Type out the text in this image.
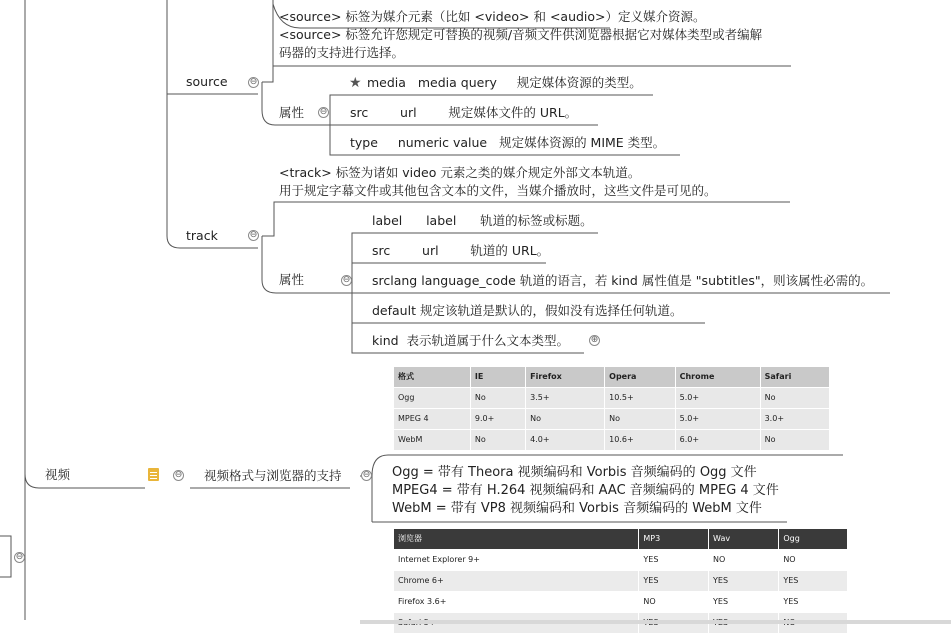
<source> 标签为媒介元素（比如 <video> 和 <audio>）定义媒介资源。
<source> 标签允许您规定可替换的视频/音频文件供浏览器根据它对媒体类型或者编解
码器的支持进行选择。
source ⊖
属性 ⊖
★ media media query 规定媒体资源的类型。
src	url	规定媒体文件的 URL。
type numeric value 规定媒体资源的 MIME 类型。
<track> 标签为诸如 video 元素之类的媒介规定外部文本轨道。
用于规定字幕文件或其他包含文本的文件，当媒介播放时，这些文件是可见的。
track	⊖
属性	⊖
label label 轨道的标签或标题。
src	url	轨道的 URL。
srclang language_code 轨道的语言，若 kind 属性值是 "subtitles"，则该属性必需的。
default 规定该轨道是默认的，假如没有选择任何轨道。
kind 表示轨道属于什么文本类型。 ⊕
格式	IE	Firefox	Opera	Chrome	Safari
Ogg	No	3.5+	10.5+	5.0+	No
MPEG 4	9.0+	No	No	5.0+	3.0+
WebM	No	4.0+	10.6+	6.0+	No
视频	⊖ 视频格式与浏览器的支持 ⊖ Ogg = 带有 Theora 视频编码和 Vorbis 音频编码的 Ogg 文件
MPEG4 = 带有 H.264 视频编码和 AAC 音频编码的 MPEG 4 文件
WebM = 带有 VP8 视频编码和 Vorbis 音频编码的 WebM 文件
⊖
浏览器	MP3	Wav	Ogg
Internet Explorer 9+	YES	NO	NO
Chrome 6+	YES	YES	YES
Firefox 3.6+	NO	YES	YES
